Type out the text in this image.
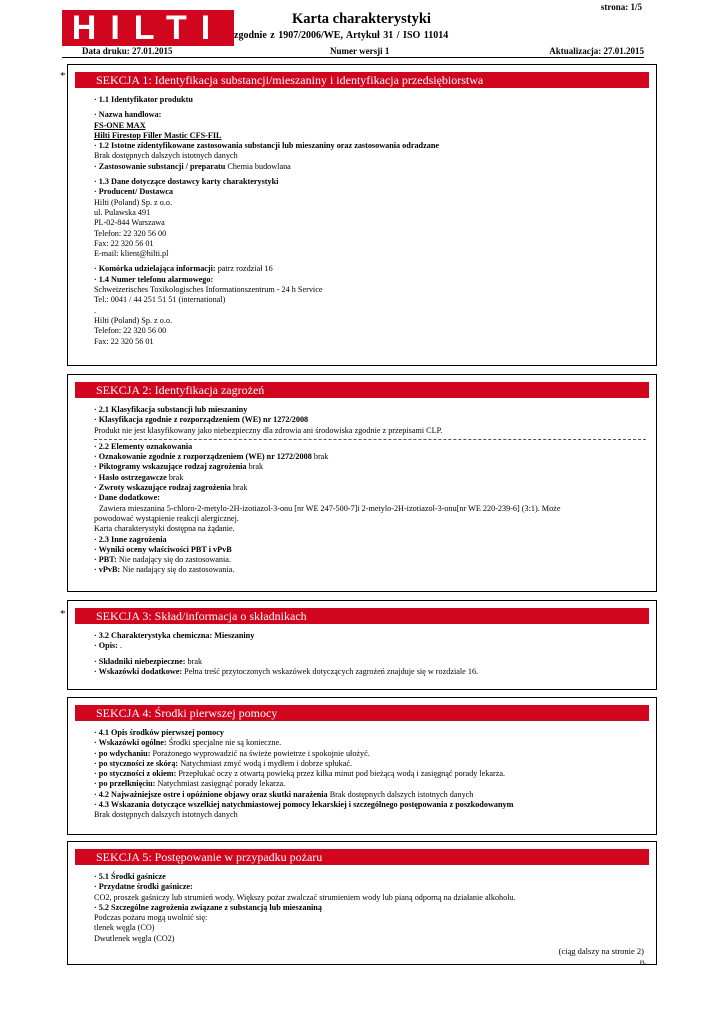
HILTI
strona: 1/5
Karta charakterystyki
zgodnie z 1907/2006/WE, Artykuł 31 / ISO 11014
Data druku: 27.01.2015	Numer wersji 1	Aktualizacja: 27.01.2015
*	SEKCJA 1: Identyfikacja substancji/mieszaniny i identyfikacja przedsiębiorstwa
· 1.1 Identyfikator produktu
· Nazwa handlowa:
FS-ONE MAX
Hilti Firestop Filler Mastic CFS-FIL
· 1.2 Istotne zidentyfikowane zastosowania substancji lub mieszaniny oraz zastosowania odradzane
Brak dostępnych dalszych istotnych danych
· Zastosowanie substancji / preparatu Chemia budowlana
· 1.3 Dane dotyczące dostawcy karty charakterystyki
· Producent/ Dostawca
Hilti (Poland) Sp. z o.o.
ul. Pulawska 491
PL-02-844 Warszawa
Telefon: 22 320 56 00
Fax: 22 320 56 01
E-mail: klient@hilti.pl
· Komórka udzielająca informacji: patrz rozdział 16
· 1.4 Numer telefonu alarmowego:
Schweizerisches Toxikologisches Informationszentrum - 24 h Service
Tel.: 0041 / 44 251 51 51 (international)
.
Hilti (Poland) Sp. z o.o.
Telefon: 22 320 56 00
Fax: 22 320 56 01
SEKCJA 2: Identyfikacja zagrożeń
· 2.1 Klasyfikacja substancji lub mieszaniny
· Klasyfikacja zgodnie z rozporządzeniem (WE) nr 1272/2008
Produkt nie jest klasyfikowany jako niebezpieczny dla zdrowia ani środowiska zgodnie z przepisami CLP.
· 2.2 Elementy oznakowania
· Oznakowanie zgodnie z rozporządzeniem (WE) nr 1272/2008 brak
· Piktogramy wskazujące rodzaj zagrożenia brak
· Hasło ostrzegawcze brak
· Zwroty wskazujące rodzaj zagrożenia brak
· Dane dodatkowe:
Zawiera mieszanina 5-chloro-2-metylo-2H-izotiazol-3-onu [nr WE 247-500-7]i 2-metylo-2H-izotiazol-3-onu[nr WE 220-239-6] (3:1). Może
powodować wystąpienie reakcji alergicznej.
Karta charakterystyki dostępna na żądanie.
· 2.3 Inne zagrożenia
· Wyniki oceny właściwości PBT i vPvB
· PBT: Nie nadający się do zastosowania.
· vPvB: Nie nadający się do zastosowania.
*	SEKCJA 3: Skład/informacja o składnikach
· 3.2 Charakterystyka chemiczna: Mieszaniny
· Opis: .
· Składniki niebezpieczne: brak
· Wskazówki dodatkowe: Pełna treść przytoczonych wskazówek dotyczących zagrożeń znajduje się w rozdziale 16.
SEKCJA 4: Środki pierwszej pomocy
· 4.1 Opis środków pierwszej pomocy
· Wskazówki ogólne: Środki specjalne nie są konieczne.
· po wdychaniu: Porażonego wyprowadzić na świeże powietrze i spokojnie ułożyć.
· po styczności ze skórą: Natychmiast zmyć wodą i mydłem i dobrze spłukać.
· po styczności z okiem: Przepłukać oczy z otwartą powieką przez kilka minut pod bieżącą wodą i zasięgnąć porady lekarza.
· po przełknięciu: Natychmiast zasięgnąć porady lekarza.
· 4.2 Najważniejsze ostre i opóźnione objawy oraz skutki narażenia Brak dostępnych dalszych istotnych danych
· 4.3 Wskazania dotyczące wszelkiej natychmiastowej pomocy lekarskiej i szczególnego postępowania z poszkodowanym
Brak dostępnych dalszych istotnych danych
SEKCJA 5: Postępowanie w przypadku pożaru
· 5.1 Środki gaśnicze
· Przydatne środki gaśnicze:
CO2, proszek gaśniczy lub strumień wody. Większy pożar zwalczać strumieniem wody lub pianą odporną na działanie alkoholu.
· 5.2 Szczególne zagrożenia związane z substancją lub mieszaniną
Podczas pożaru mogą uwolnić się:
tlenek węgla (CO)
Dwutlenek węgla (CO2)
(ciąg dalszy na stronie 2)
PL
